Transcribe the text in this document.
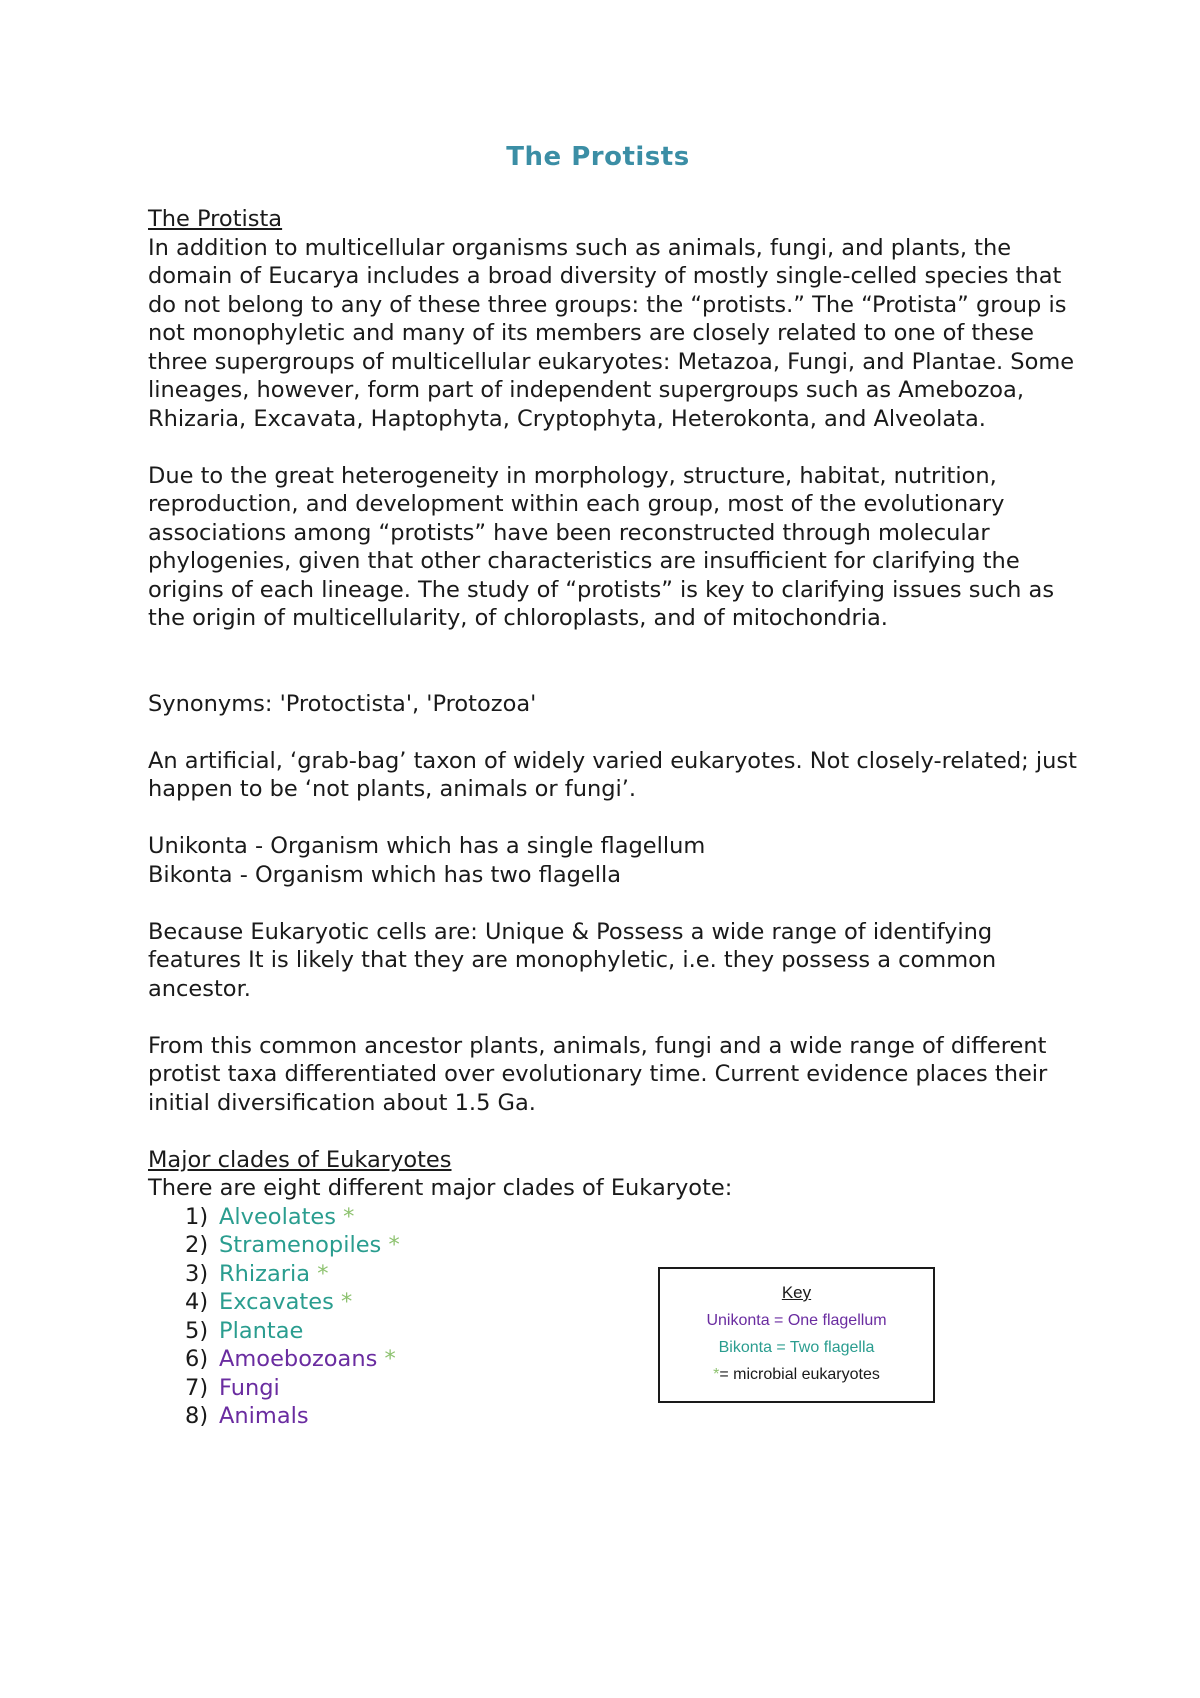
The Protists

The Protista

In addition to multicellular organisms such as animals, fungi, and plants, the domain of Eucarya includes a broad diversity of mostly single-celled species that do not belong to any of these three groups: the “protists.” The “Protista” group is not monophyletic and many of its members are closely related to one of these three supergroups of multicellular eukaryotes: Metazoa, Fungi, and Plantae. Some lineages, however, form part of independent supergroups such as Amebozoa, Rhizaria, Excavata, Haptophyta, Cryptophyta, Heterokonta, and Alveolata.

Due to the great heterogeneity in morphology, structure, habitat, nutrition, reproduction, and development within each group, most of the evolutionary associations among “protists” have been reconstructed through molecular phylogenies, given that other characteristics are insufficient for clarifying the origins of each lineage. The study of “protists” is key to clarifying issues such as the origin of multicellularity, of chloroplasts, and of mitochondria.

Synonyms: 'Protoctista', 'Protozoa'

An artificial, ‘grab-bag’ taxon of widely varied eukaryotes. Not closely-related; just happen to be ‘not plants, animals or fungi’.

Unikonta - Organism which has a single flagellum

Bikonta - Organism which has two flagella

Because Eukaryotic cells are: Unique & Possess a wide range of identifying features It is likely that they are monophyletic, i.e. they possess a common ancestor.

From this common ancestor plants, animals, fungi and a wide range of different protist taxa differentiated over evolutionary time. Current evidence places their initial diversification about 1.5 Ga.

Major clades of Eukaryotes

There are eight different major clades of Eukaryote:

1) Alveolates *
2) Stramenopiles *
3) Rhizaria *
4) Excavates *
5) Plantae
6) Amoebozoans *
7) Fungi
8) Animals
Key
Unikonta = One flagellum
Bikonta = Two flagella
*= microbial eukaryotes
